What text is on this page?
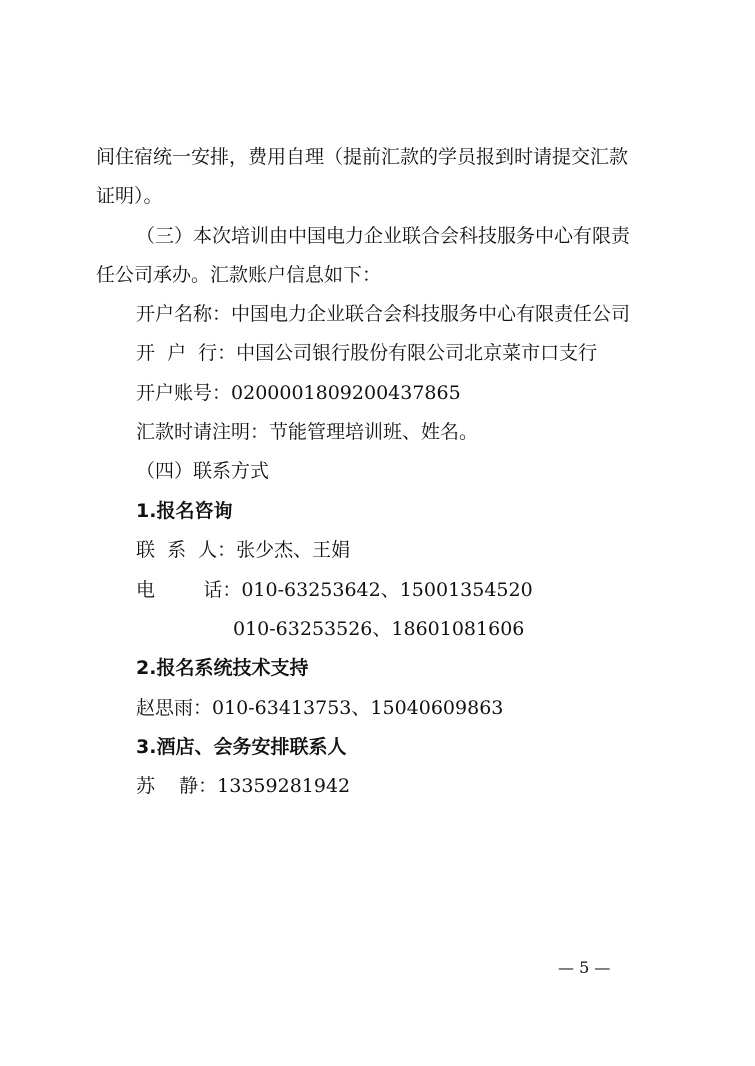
间住宿统一安排，费用自理（提前汇款的学员报到时请提交汇款
证明）。
（三）本次培训由中国电力企业联合会科技服务中心有限责
任公司承办。汇款账户信息如下：
开户名称：中国电力企业联合会科技服务中心有限责任公司
开  户  行：中国公司银行股份有限公司北京菜市口支行
开户账号：0200001809200437865
汇款时请注明：节能管理培训班、姓名。
（四）联系方式
1.报名咨询
联  系  人：张少杰、王娟
电        话：010-63253642、15001354520
010-63253526、18601081606
2.报名系统技术支持
赵思雨：010-63413753、15040609863
3.酒店、会务安排联系人
苏    静：13359281942
— 5 —
